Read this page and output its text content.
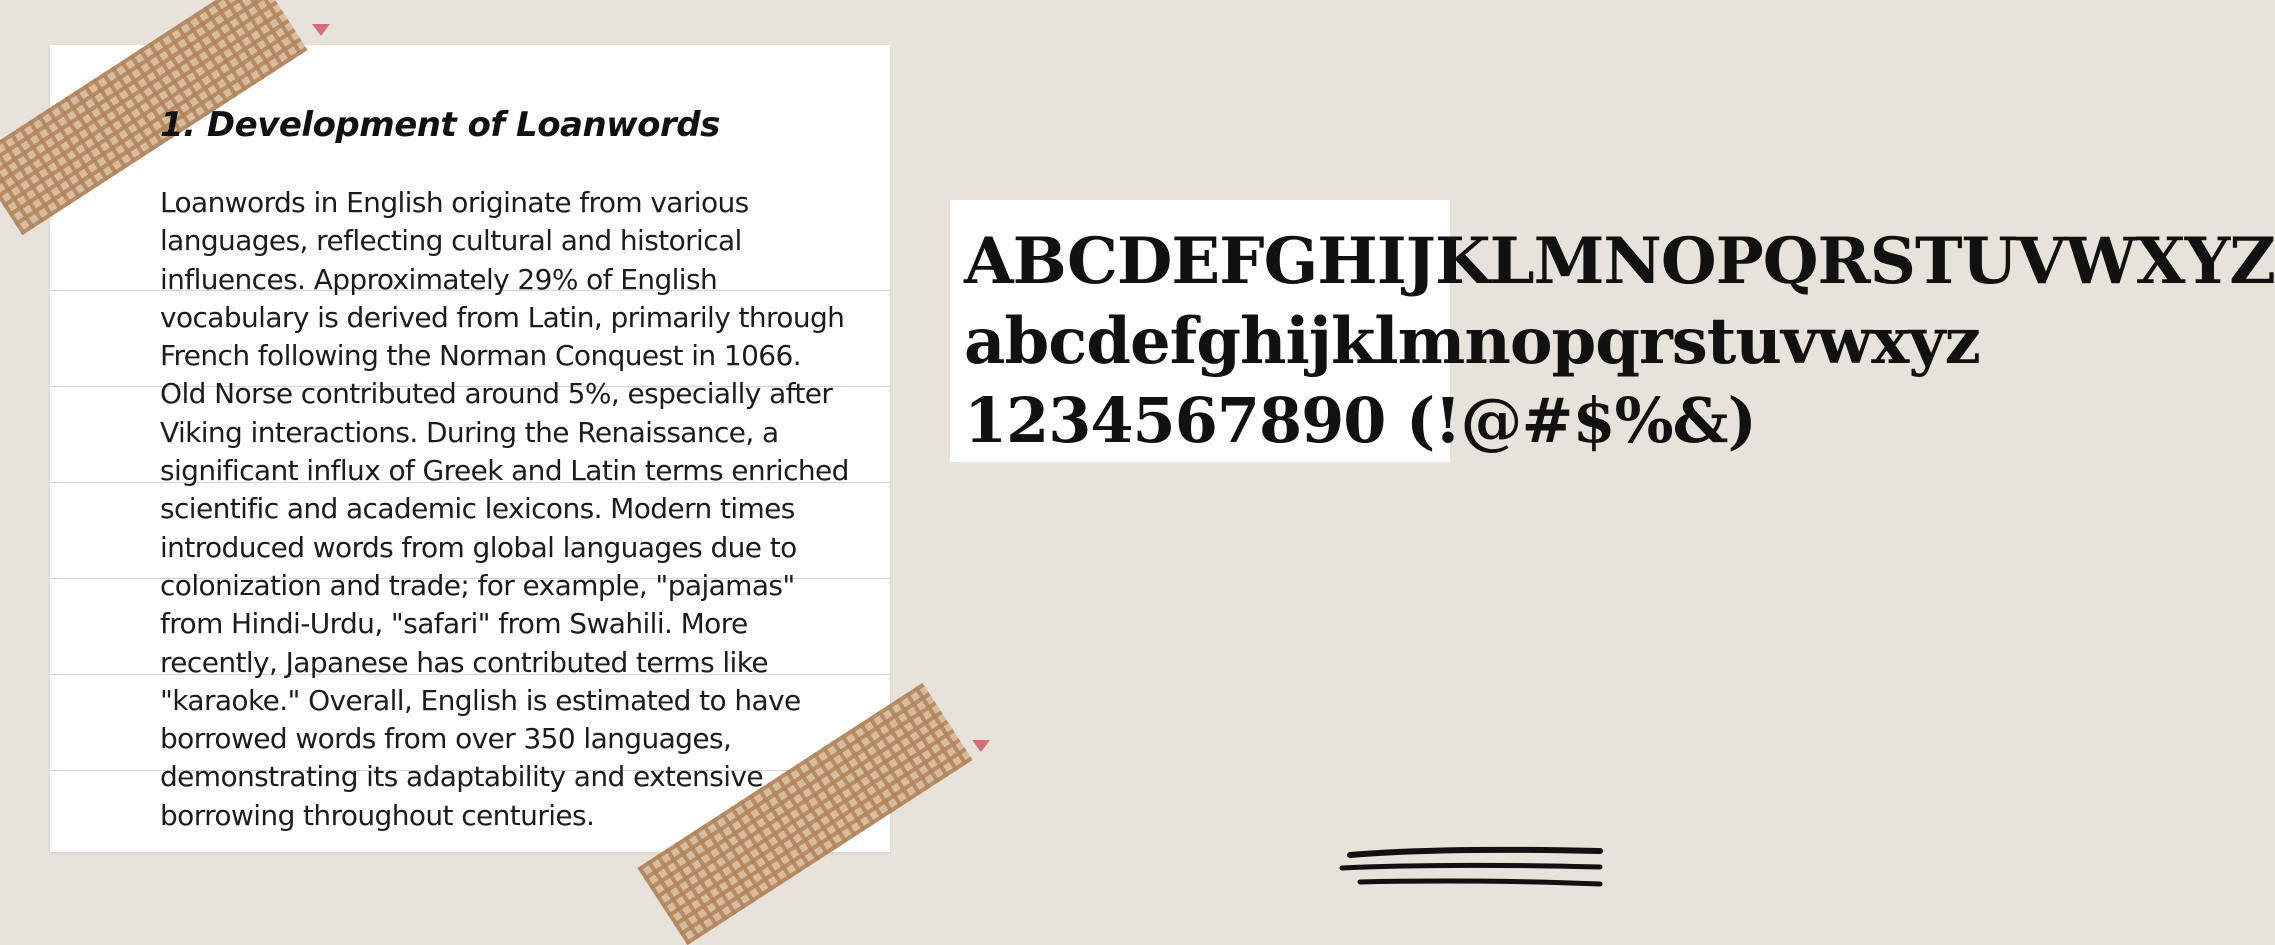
1. Development of Loanwords

Loanwords in English originate from various languages, reflecting cultural and historical influences. Approximately 29% of English vocabulary is derived from Latin, primarily through French following the Norman Conquest in 1066. Old Norse contributed around 5%, especially after Viking interactions. During the Renaissance, a significant influx of Greek and Latin terms enriched scientific and academic lexicons. Modern times introduced words from global languages due to colonization and trade; for example, "pajamas" from Hindi-Urdu, "safari" from Swahili. More recently, Japanese has contributed terms like "karaoke." Overall, English is estimated to have borrowed words from over 350 languages, demonstrating its adaptability and extensive borrowing throughout centuries.

ABCDEFGHIJKLMNOPQRSTUVWXYZ
abcdefghijklmnopqrstuvwxyz
1234567890 (!@#$%&)
